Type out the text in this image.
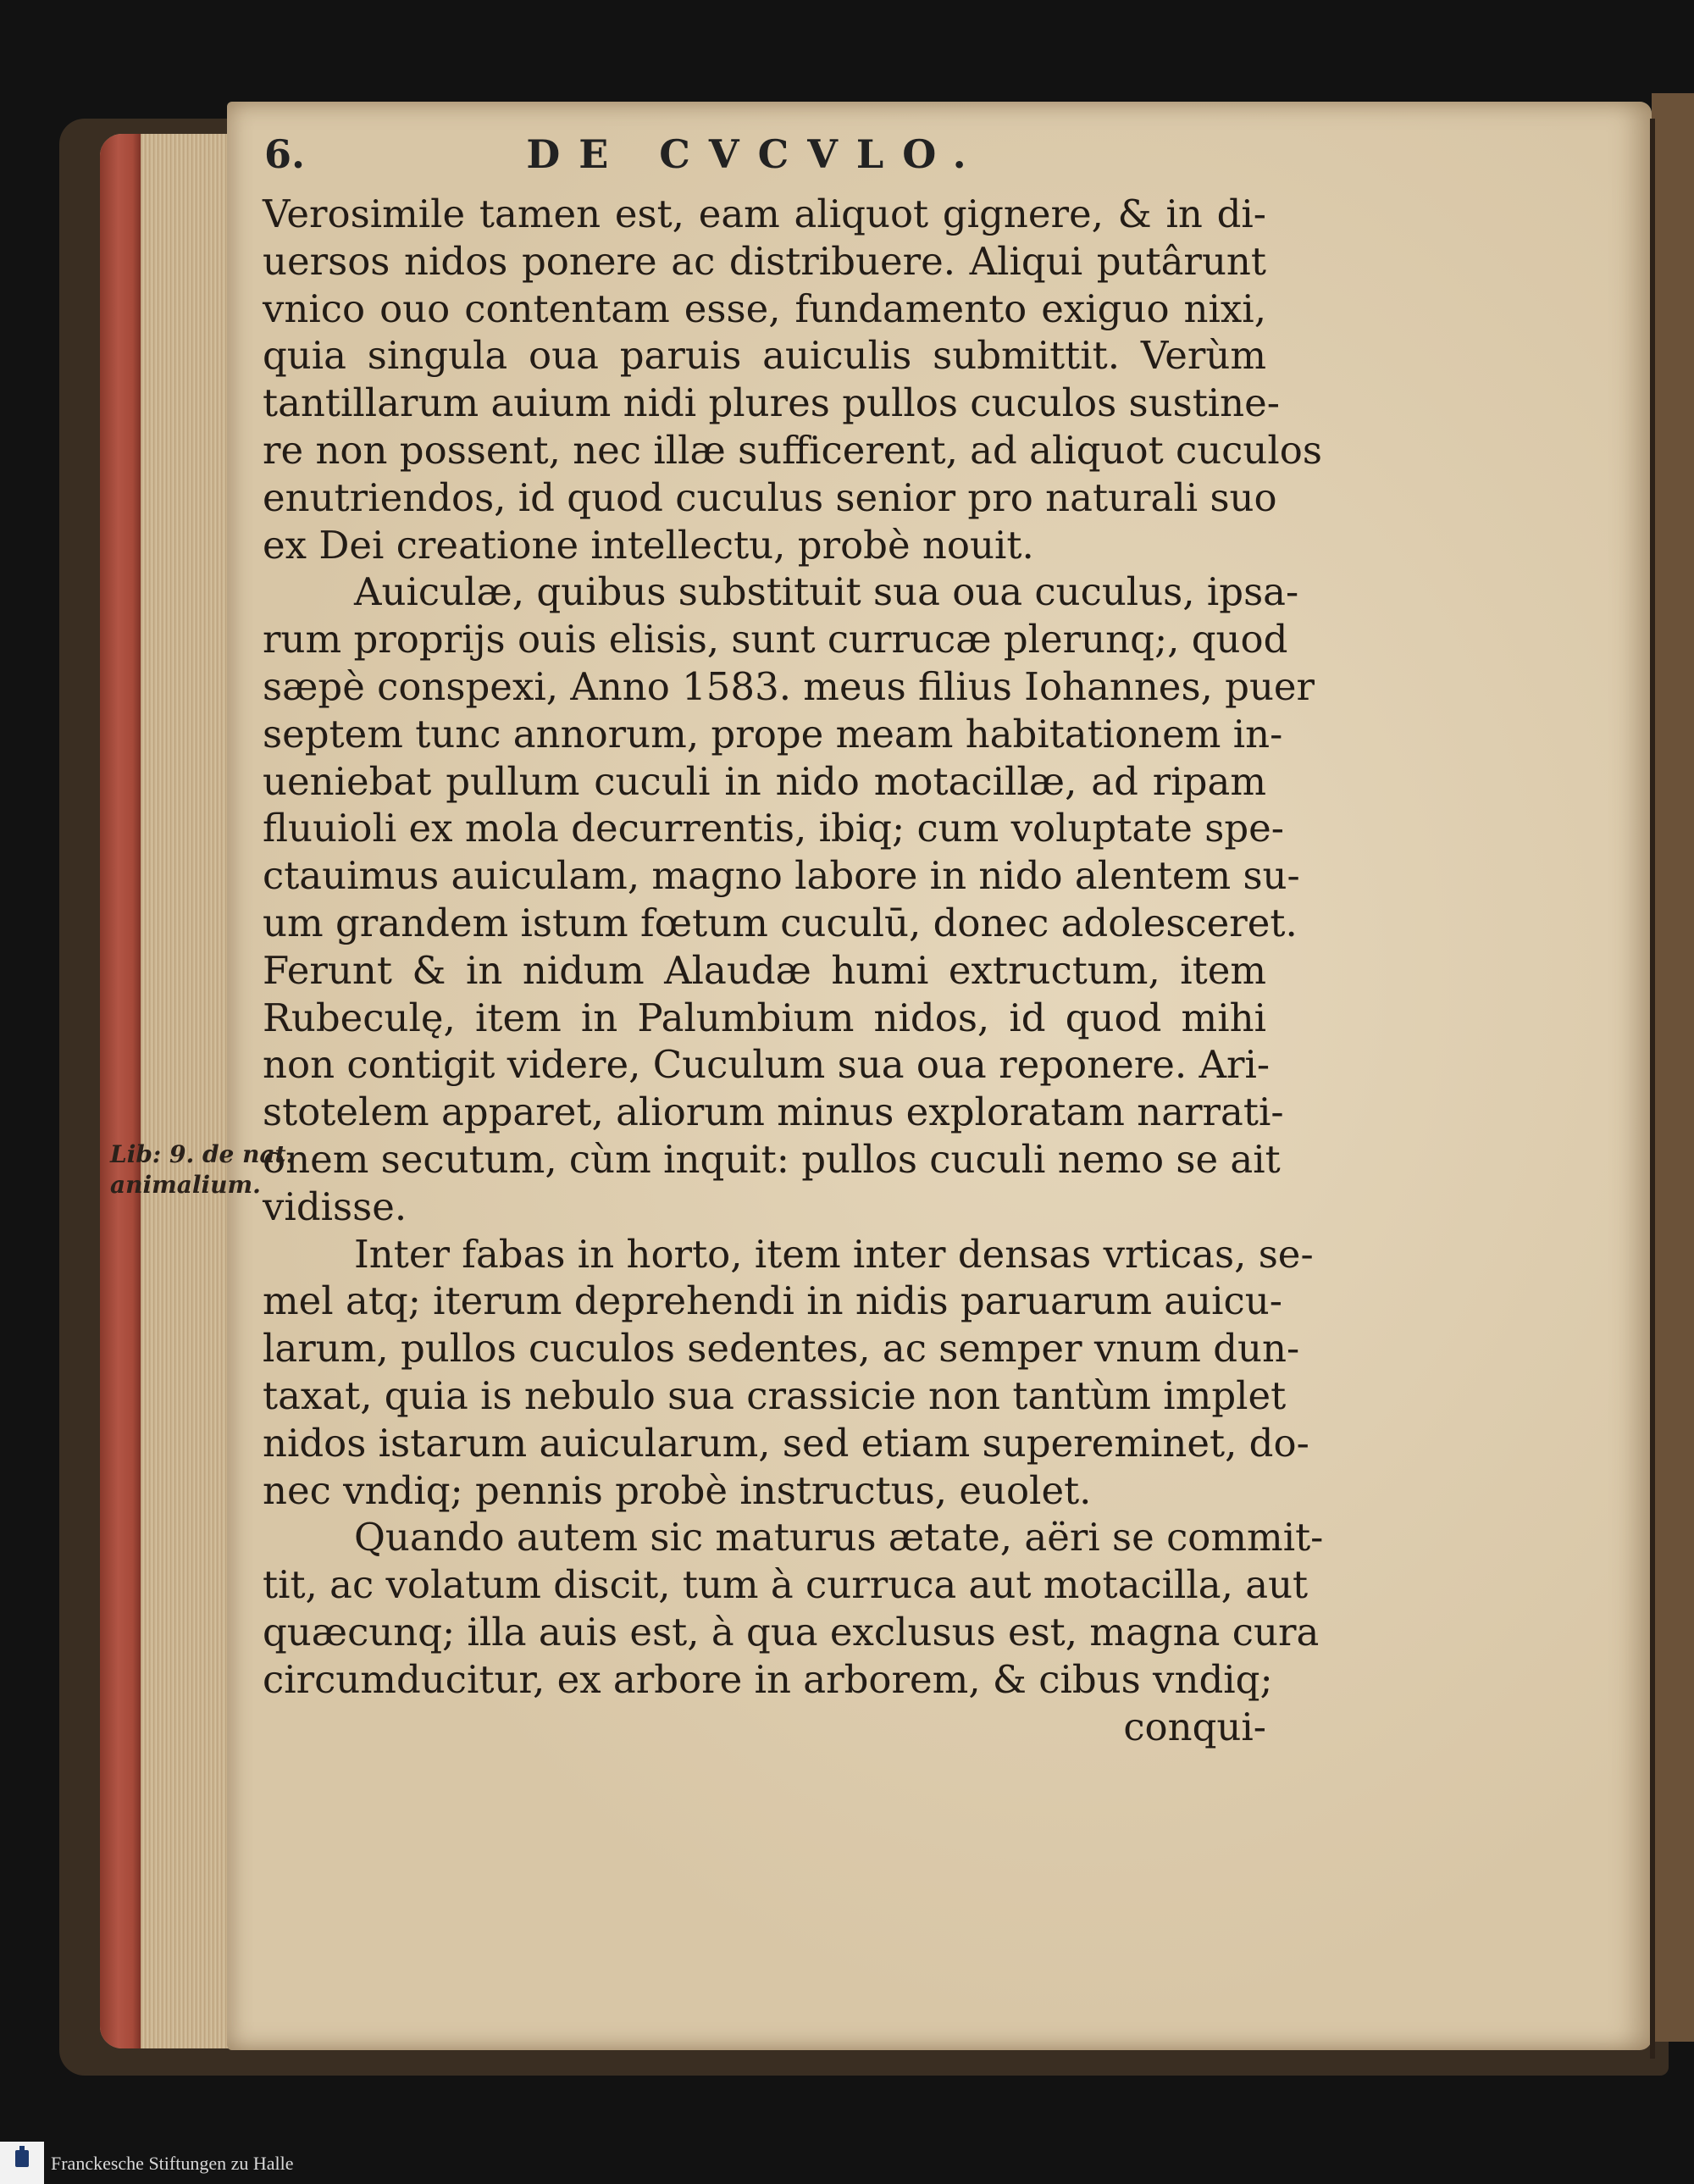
6.	DE CVCVLO.
Verosimile tamen est, eam aliquot gignere, & in di-
uersos nidos ponere ac distribuere. Aliqui putârunt
vnico ouo contentam esse, fundamento exiguo nixi,
quia singula oua paruis auiculis submittit. Verùm
tantillarum auium nidi plures pullos cuculos sustine-
re non possent, nec illæ sufficerent, ad aliquot cuculos
enutriendos, id quod cuculus senior pro naturali suo
ex Dei creatione intellectu, probè nouit.
Auiculæ, quibus substituit sua oua cuculus, ipsa-
rum proprijs ouis elisis, sunt currucæ plerunq;, quod
sæpè conspexi, Anno 1583. meus filius Iohannes, puer
septem tunc annorum, prope meam habitationem in-
ueniebat pullum cuculi in nido motacillæ, ad ripam
fluuioli ex mola decurrentis, ibiq; cum voluptate spe-
ctauimus auiculam, magno labore in nido alentem su-
um grandem istum fœtum cuculū, donec adolesceret.
Ferunt & in nidum Alaudæ humi extructum, item
Rubeculę, item in Palumbium nidos, id quod mihi
non contigit videre, Cuculum sua oua reponere. Ari-
stotelem apparet, aliorum minus exploratam narrati-
onem secutum, cùm inquit: pullos cuculi nemo se ait
Lib: 9. de nat.
animalium. vidisse.
Inter fabas in horto, item inter densas vrticas, se-
mel atq; iterum deprehendi in nidis paruarum auicu-
larum, pullos cuculos sedentes, ac semper vnum dun-
taxat, quia is nebulo sua crassicie non tantùm implet
nidos istarum auicularum, sed etiam supereminet, do-
nec vndiq; pennis probè instructus, euolet.
Quando autem sic maturus ætate, aëri se commit-
tit, ac volatum discit, tum à curruca aut motacilla, aut
quæcunq; illa auis est, à qua exclusus est, magna cura
circumducitur, ex arbore in arborem, & cibus vndiq;
conqui-
Franckesche Stiftungen zu Halle
